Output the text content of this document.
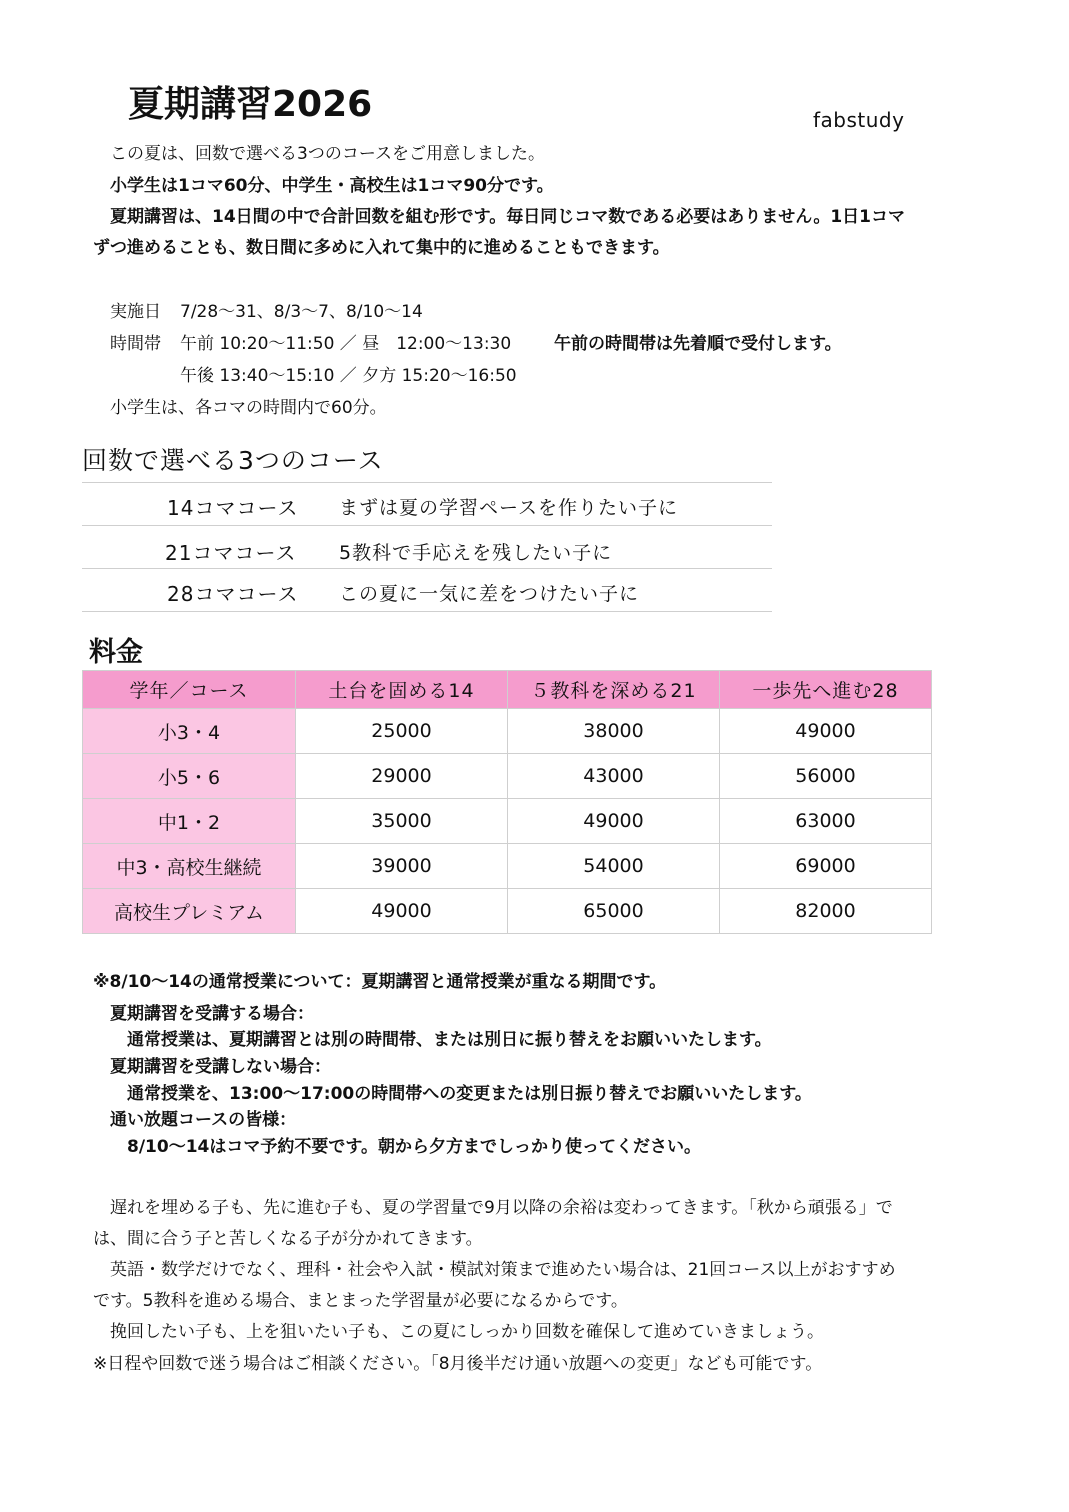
夏期講習2026	fabstudy
この夏は、回数で選べる3つのコースをご用意しました。
小学生は1コマ60分、中学生・高校生は1コマ90分です。
夏期講習は、14日間の中で合計回数を組む形です。毎日同じコマ数である必要はありません。1日1コマ
ずつ進めることも、数日間に多めに入れて集中的に進めることもできます。
実施日 7/28〜31、8/3〜7、8/10〜14
時間帯 午前 10:20〜11:50 ／ 昼　12:00〜13:30	午前の時間帯は先着順で受付します。
午後 13:40〜15:10 ／ 夕方 15:20〜16:50
小学生は、各コマの時間内で60分。
回数で選べる3つのコース
14コマコース まずは夏の学習ペースを作りたい子に
21コマコース 5教科で手応えを残したい子に
28コマコース この夏に一気に差をつけたい子に
料金
学年／コース	土台を固める14	５教科を深める21	一歩先へ進む28
小3・4	25000	38000	49000
小5・6	29000	43000	56000
中1・2	35000	49000	63000
中3・高校生継続	39000	54000	69000
高校生プレミアム	49000	65000	82000
※8/10〜14の通常授業について：夏期講習と通常授業が重なる期間です。
夏期講習を受講する場合：
通常授業は、夏期講習とは別の時間帯、または別日に振り替えをお願いいたします。
夏期講習を受講しない場合：
通常授業を、13:00〜17:00の時間帯への変更または別日振り替えでお願いいたします。
通い放題コースの皆様：
8/10〜14はコマ予約不要です。朝から夕方までしっかり使ってください。
遅れを埋める子も、先に進む子も、夏の学習量で9月以降の余裕は変わってきます。「秋から頑張る」で
は、間に合う子と苦しくなる子が分かれてきます。
英語・数学だけでなく、理科・社会や入試・模試対策まで進めたい場合は、21回コース以上がおすすめ
です。5教科を進める場合、まとまった学習量が必要になるからです。
挽回したい子も、上を狙いたい子も、この夏にしっかり回数を確保して進めていきましょう。
※日程や回数で迷う場合はご相談ください。「8月後半だけ通い放題への変更」なども可能です。
